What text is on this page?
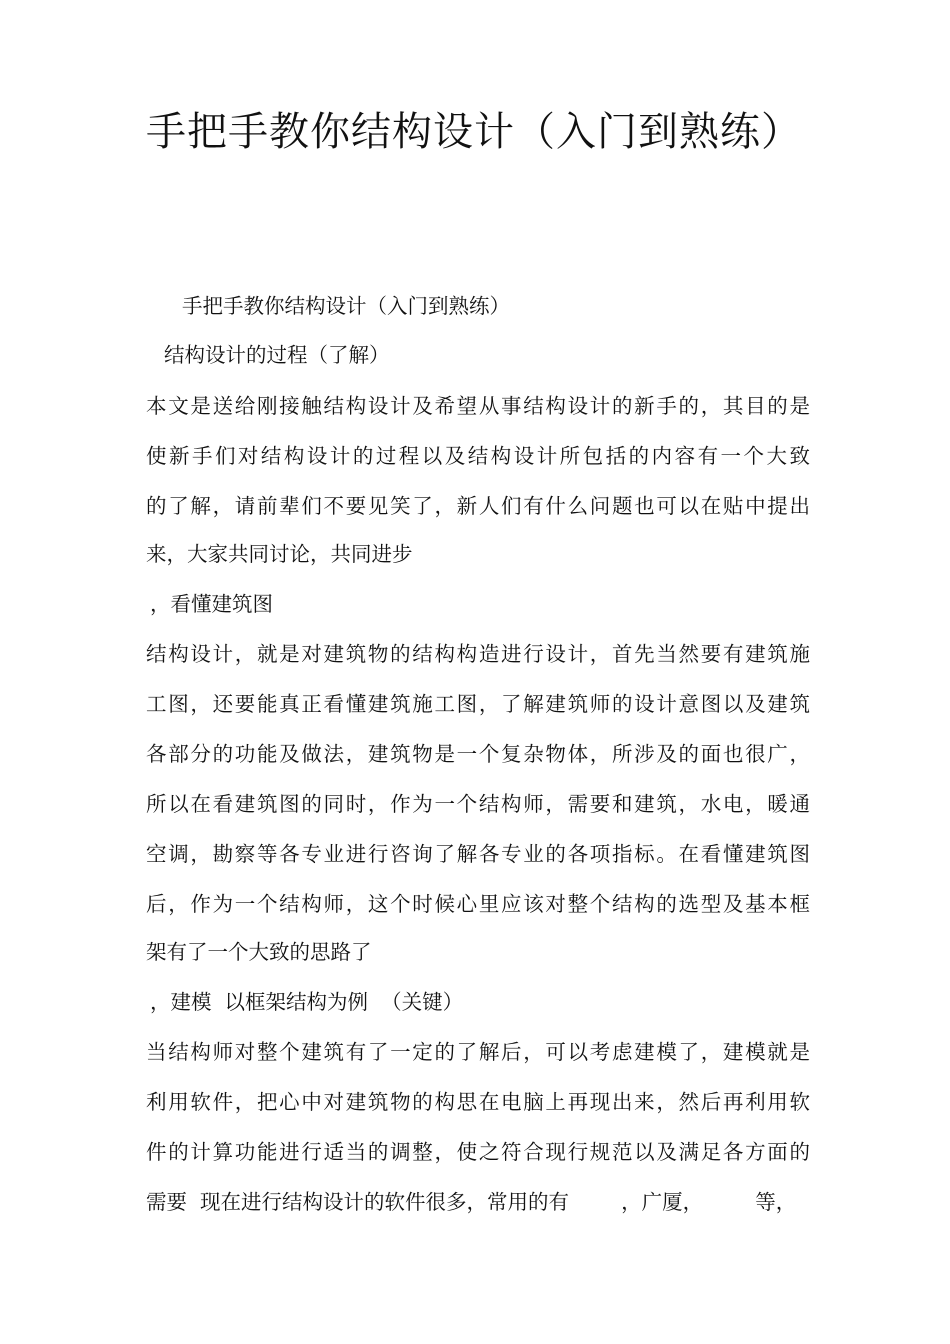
手把手教你结构设计（入门到熟练）

手把手教你结构设计（入门到熟练）

结构设计的过程（了解）

本文是送给刚接触结构设计及希望从事结构设计的新手的，其目的是

使新手们对结构设计的过程以及结构设计所包括的内容有一个大致

的了解，请前辈们不要见笑了，新人们有什么问题也可以在贴中提出

来，大家共同讨论，共同进步

，看懂建筑图

结构设计，就是对建筑物的结构构造进行设计，首先当然要有建筑施

工图，还要能真正看懂建筑施工图，了解建筑师的设计意图以及建筑

各部分的功能及做法，建筑物是一个复杂物体，所涉及的面也很广，

所以在看建筑图的同时，作为一个结构师，需要和建筑，水电，暖通

空调，勘察等各专业进行咨询了解各专业的各项指标。在看懂建筑图

后，作为一个结构师，这个时候心里应该对整个结构的选型及基本框

架有了一个大致的思路了

，建模  以框架结构为例  （关键）

当结构师对整个建筑有了一定的了解后，可以考虑建模了，建模就是

利用软件，把心中对建筑物的构思在电脑上再现出来，然后再利用软

件的计算功能进行适当的调整，使之符合现行规范以及满足各方面的

需要  现在进行结构设计的软件很多，常用的有        ，广厦，        等，
